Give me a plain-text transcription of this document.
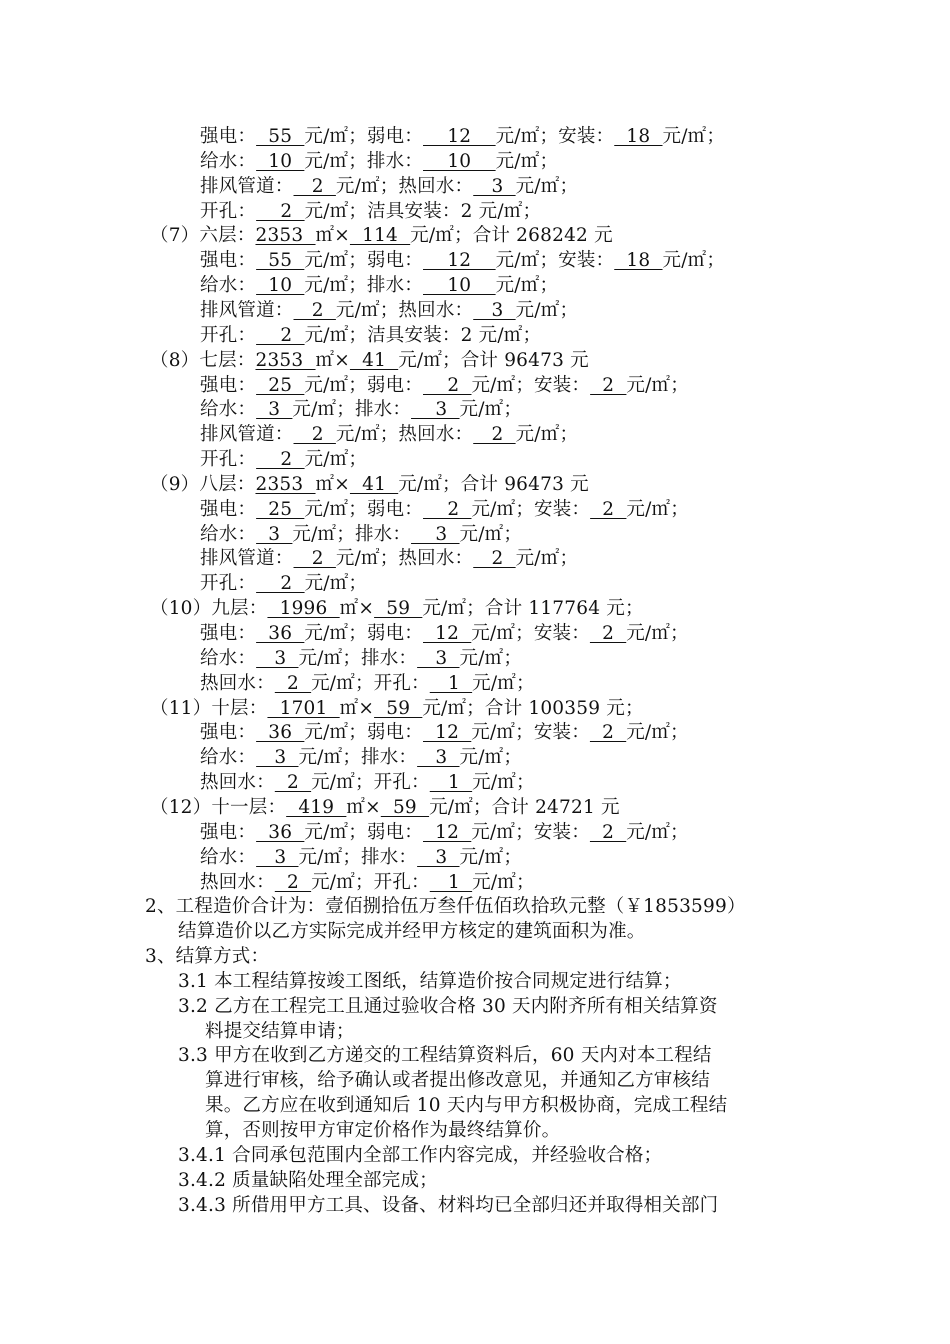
强电：  55  元/㎡；弱电：    12    元/㎡；安装：  18  元/㎡；
给水：  10  元/㎡；排水：    10    元/㎡；
排风管道：   2  元/㎡；热回水：   3  元/㎡；
开孔：    2  元/㎡；洁具安装：2 元/㎡；
（7）六层：2353  ㎡×  114  元/㎡；合计 268242 元
强电：  55  元/㎡；弱电：    12    元/㎡；安装：  18  元/㎡；
给水：  10  元/㎡；排水：    10    元/㎡；
排风管道：   2  元/㎡；热回水：   3  元/㎡；
开孔：    2  元/㎡；洁具安装：2 元/㎡；
（8）七层：2353  ㎡×  41  元/㎡；合计 96473 元
强电：  25  元/㎡；弱电：    2  元/㎡；安装：  2  元/㎡；
给水：  3  元/㎡；排水：    3  元/㎡；
排风管道：   2  元/㎡；热回水：   2  元/㎡；
开孔：    2  元/㎡；
（9）八层：2353  ㎡×  41  元/㎡；合计 96473 元
强电：  25  元/㎡；弱电：    2  元/㎡；安装：  2  元/㎡；
给水：  3  元/㎡；排水：    3  元/㎡；
排风管道：   2  元/㎡；热回水：   2  元/㎡；
开孔：    2  元/㎡；
（10）九层：  1996  ㎡×  59  元/㎡；合计 117764 元；
强电：  36  元/㎡；弱电：  12  元/㎡；安装：  2  元/㎡；
给水：   3  元/㎡；排水：   3  元/㎡；
热回水：  2  元/㎡；开孔：   1  元/㎡；
（11）十层：  1701  ㎡×  59  元/㎡；合计 100359 元；
强电：  36  元/㎡；弱电：  12  元/㎡；安装：  2  元/㎡；
给水：   3  元/㎡；排水：   3  元/㎡；
热回水：  2  元/㎡；开孔：   1  元/㎡；
（12）十一层：  419  ㎡×  59  元/㎡；合计 24721 元
强电：  36  元/㎡；弱电：  12  元/㎡；安装：  2  元/㎡；
给水：   3  元/㎡；排水：   3  元/㎡；
热回水：  2  元/㎡；开孔：   1  元/㎡；
2、工程造价合计为：壹佰捌拾伍万叁仟伍佰玖拾玖元整（￥1853599）
结算造价以乙方实际完成并经甲方核定的建筑面积为准。
3、结算方式：
3.1 本工程结算按竣工图纸，结算造价按合同规定进行结算；
3.2 乙方在工程完工且通过验收合格 30 天内附齐所有相关结算资
料提交结算申请；
3.3 甲方在收到乙方递交的工程结算资料后，60 天内对本工程结
算进行审核，给予确认或者提出修改意见，并通知乙方审核结
果。乙方应在收到通知后 10 天内与甲方积极协商，完成工程结
算，否则按甲方审定价格作为最终结算价。
3.4.1 合同承包范围内全部工作内容完成，并经验收合格；
3.4.2 质量缺陷处理全部完成；
3.4.3 所借用甲方工具、设备、材料均已全部归还并取得相关部门
